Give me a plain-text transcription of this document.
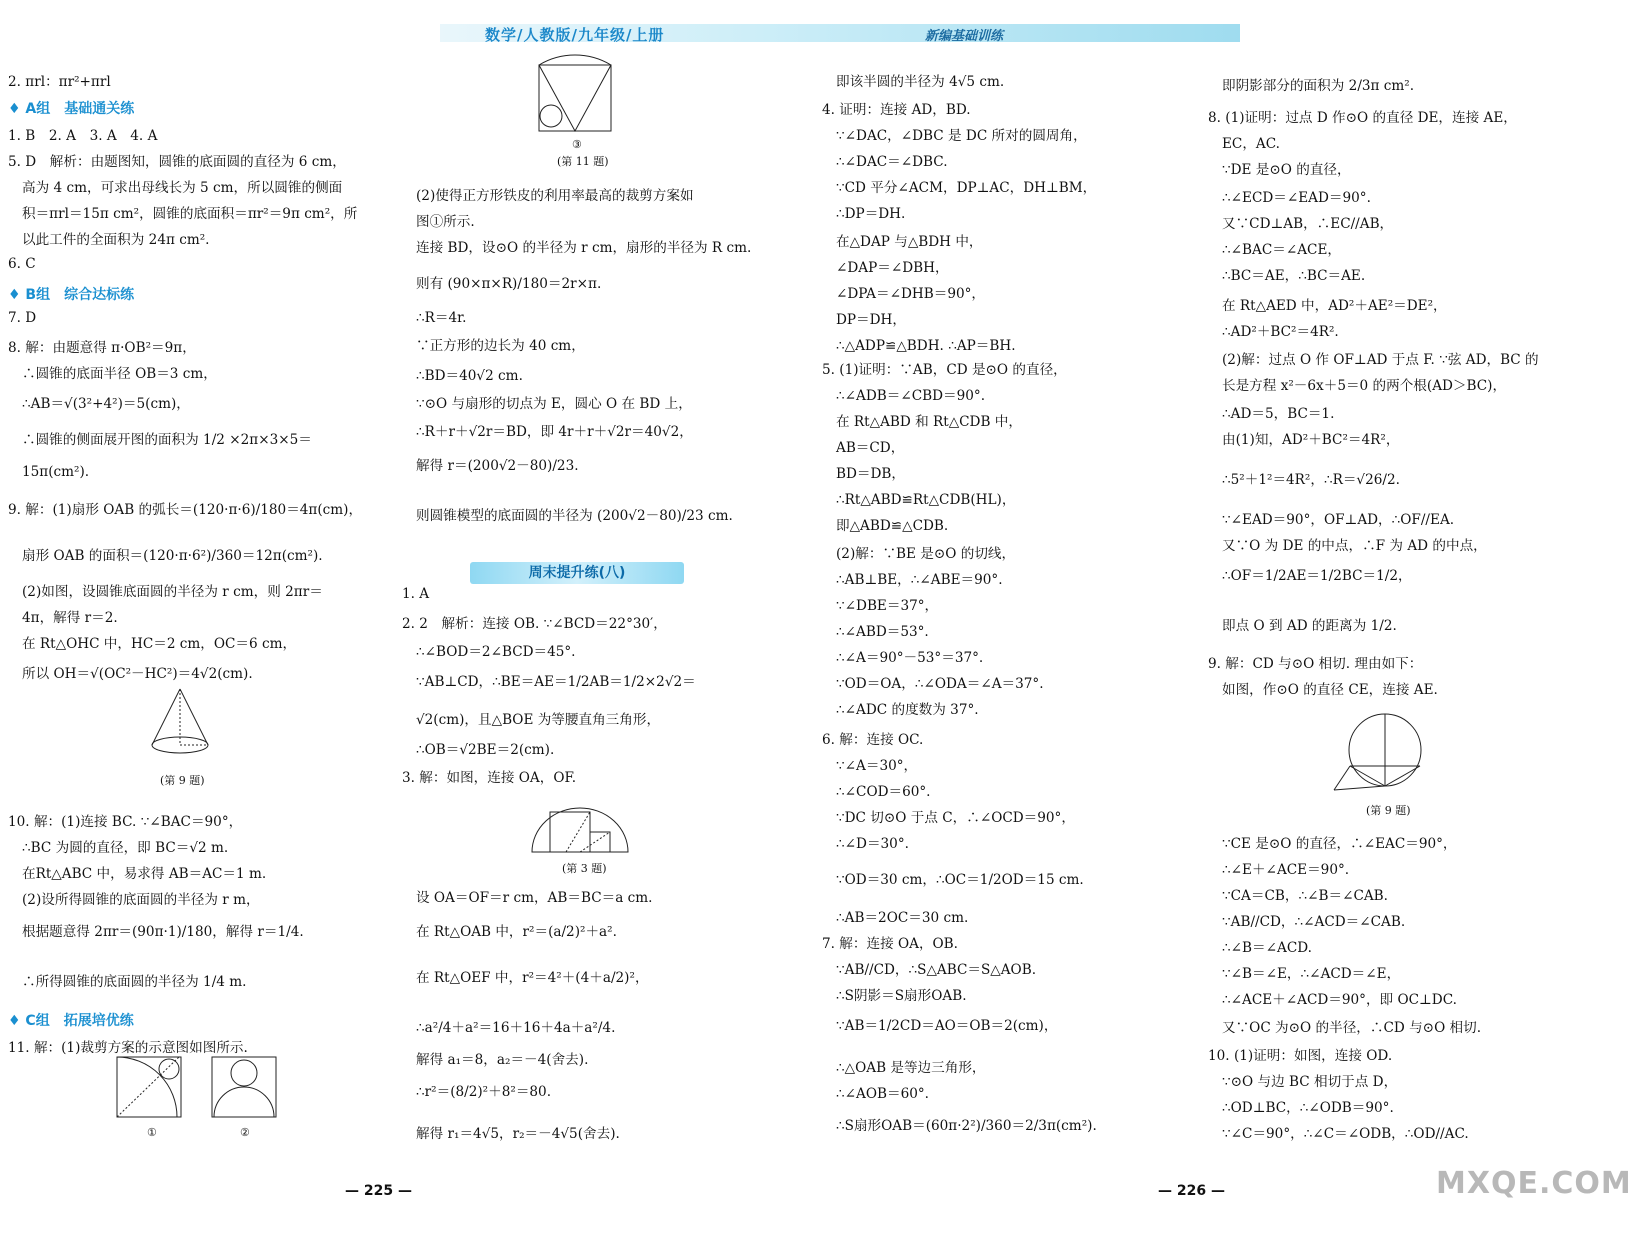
数学/人教版/九年级/上册	新编基础训练
2. πrl：πr²+πrl
♦ A组　基础通关练
1. B　2. A　3. A　4. A
5. D　解析：由题图知，圆锥的底面圆的直径为 6 cm，
高为 4 cm，可求出母线长为 5 cm，所以圆锥的侧面
积＝πrl＝15π cm²，圆锥的底面积＝πr²＝9π cm²，所
以此工件的全面积为 24π cm².
6. C
♦ B组　综合达标练
7. D
8. 解：由题意得 π·OB²＝9π，
∴圆锥的底面半径 OB＝3 cm，
∴AB＝√(3²+4²)＝5(cm)，
∴圆锥的侧面展开图的面积为 1/2 ×2π×3×5＝
15π(cm²).
9. 解：(1)扇形 OAB 的弧长＝(120·π·6)/180＝4π(cm)，
扇形 OAB 的面积＝(120·π·6²)/360＝12π(cm²).
(2)如图，设圆锥底面圆的半径为 r cm，则 2πr＝
4π，解得 r＝2.
在 Rt△OHC 中，HC＝2 cm，OC＝6 cm，
所以 OH＝√(OC²－HC²)＝4√2(cm).
10. 解：(1)连接 BC. ∵∠BAC＝90°，
∴BC 为圆的直径，即 BC＝√2 m.
在Rt△ABC 中，易求得 AB＝AC＝1 m.
(2)设所得圆锥的底面圆的半径为 r m，
根据题意得 2πr＝(90π·1)/180，解得 r＝1/4.
∴所得圆锥的底面圆的半径为 1/4 m.
♦ C组　拓展培优练
11. 解：(1)裁剪方案的示意图如图所示.
(2)使得正方形铁皮的利用率最高的裁剪方案如
图①所示.
连接 BD，设⊙O 的半径为 r cm，扇形的半径为 R cm.
则有 (90×π×R)/180＝2r×π.
∴R＝4r.
∵正方形的边长为 40 cm，
∴BD＝40√2 cm.
∵⊙O 与扇形的切点为 E，圆心 O 在 BD 上，
∴R＋r＋√2r＝BD，即 4r＋r＋√2r＝40√2，
解得 r＝(200√2－80)/23.
则圆锥模型的底面圆的半径为 (200√2－80)/23 cm.
1. A
2. 2　解析：连接 OB. ∵∠BCD＝22°30′，
∴∠BOD＝2∠BCD＝45°.
∵AB⊥CD，∴BE＝AE＝1/2AB＝1/2×2√2＝
√2(cm)，且△BOE 为等腰直角三角形，
∴OB＝√2BE＝2(cm).
3. 解：如图，连接 OA，OF.
设 OA＝OF＝r cm，AB＝BC＝a cm.
在 Rt△OAB 中，r²＝(a/2)²＋a².
在 Rt△OEF 中，r²＝4²＋(4＋a/2)²，
∴a²/4＋a²＝16＋16＋4a＋a²/4.
解得 a₁＝8，a₂＝－4(舍去).
∴r²＝(8/2)²＋8²＝80.
解得 r₁＝4√5，r₂＝－4√5(舍去).
即该半圆的半径为 4√5 cm.
4. 证明：连接 AD，BD.
∵∠DAC，∠DBC 是 DC 所对的圆周角，
∴∠DAC＝∠DBC.
∵CD 平分∠ACM，DP⊥AC，DH⊥BM，
∴DP＝DH.
在△DAP 与△BDH 中，
∠DAP＝∠DBH，
∠DPA＝∠DHB＝90°，
DP＝DH，
∴△ADP≌△BDH. ∴AP＝BH.
5. (1)证明：∵AB，CD 是⊙O 的直径，
∴∠ADB＝∠CBD＝90°.
在 Rt△ABD 和 Rt△CDB 中，
AB＝CD，
BD＝DB，
∴Rt△ABD≌Rt△CDB(HL)，
即△ABD≌△CDB.
(2)解：∵BE 是⊙O 的切线，
∴AB⊥BE，∴∠ABE＝90°.
∵∠DBE＝37°，
∴∠ABD＝53°.
∴∠A＝90°－53°＝37°.
∵OD＝OA，∴∠ODA＝∠A＝37°.
∴∠ADC 的度数为 37°.
6. 解：连接 OC.
∵∠A＝30°，
∴∠COD＝60°.
∵DC 切⊙O 于点 C，∴∠OCD＝90°，
∴∠D＝30°.
∵OD＝30 cm，∴OC＝1/2OD＝15 cm.
∴AB＝2OC＝30 cm.
7. 解：连接 OA，OB.
∵AB//CD，∴S△ABC＝S△AOB.
∴S阴影＝S扇形OAB.
∵AB＝1/2CD＝AO＝OB＝2(cm)，
∴△OAB 是等边三角形，
∴∠AOB＝60°.
∴S扇形OAB＝(60π·2²)/360＝2/3π(cm²).
即阴影部分的面积为 2/3π cm².
8. (1)证明：过点 D 作⊙O 的直径 DE，连接 AE，
EC，AC.
∵DE 是⊙O 的直径，
∴∠ECD＝∠EAD＝90°.
又∵CD⊥AB，∴EC//AB，
∴∠BAC＝∠ACE，
∴BC＝AE，∴BC＝AE.
在 Rt△AED 中，AD²＋AE²＝DE²，
∴AD²＋BC²＝4R².
(2)解：过点 O 作 OF⊥AD 于点 F. ∵弦 AD，BC 的
长是方程 x²－6x＋5＝0 的两个根(AD＞BC)，
∴AD＝5，BC＝1.
由(1)知，AD²＋BC²＝4R²，
∴5²＋1²＝4R²，∴R＝√26/2.
∵∠EAD＝90°，OF⊥AD，∴OF//EA.
又∵O 为 DE 的中点，∴F 为 AD 的中点，
∴OF＝1/2AE＝1/2BC＝1/2，
即点 O 到 AD 的距离为 1/2.
9. 解：CD 与⊙O 相切. 理由如下：
如图，作⊙O 的直径 CE，连接 AE.
∵CE 是⊙O 的直径，∴∠EAC＝90°，
∴∠E＋∠ACE＝90°.
∵CA＝CB，∴∠B＝∠CAB.
∵AB//CD，∴∠ACD＝∠CAB.
∴∠B＝∠ACD.
∵∠B＝∠E，∴∠ACD＝∠E，
∴∠ACE＋∠ACD＝90°，即 OC⊥DC.
又∵OC 为⊙O 的半径，∴CD 与⊙O 相切.
10. (1)证明：如图，连接 OD.
∵⊙O 与边 BC 相切于点 D，
∴OD⊥BC，∴∠ODB＝90°.
∵∠C＝90°，∴∠C＝∠ODB，∴OD//AC.
周末提升练(八)
(第 9 题)
①	②
③
(第 11 题)
(第 3 题)
(第 9 题)
— 225 —	— 226 —	MXQE.COM
